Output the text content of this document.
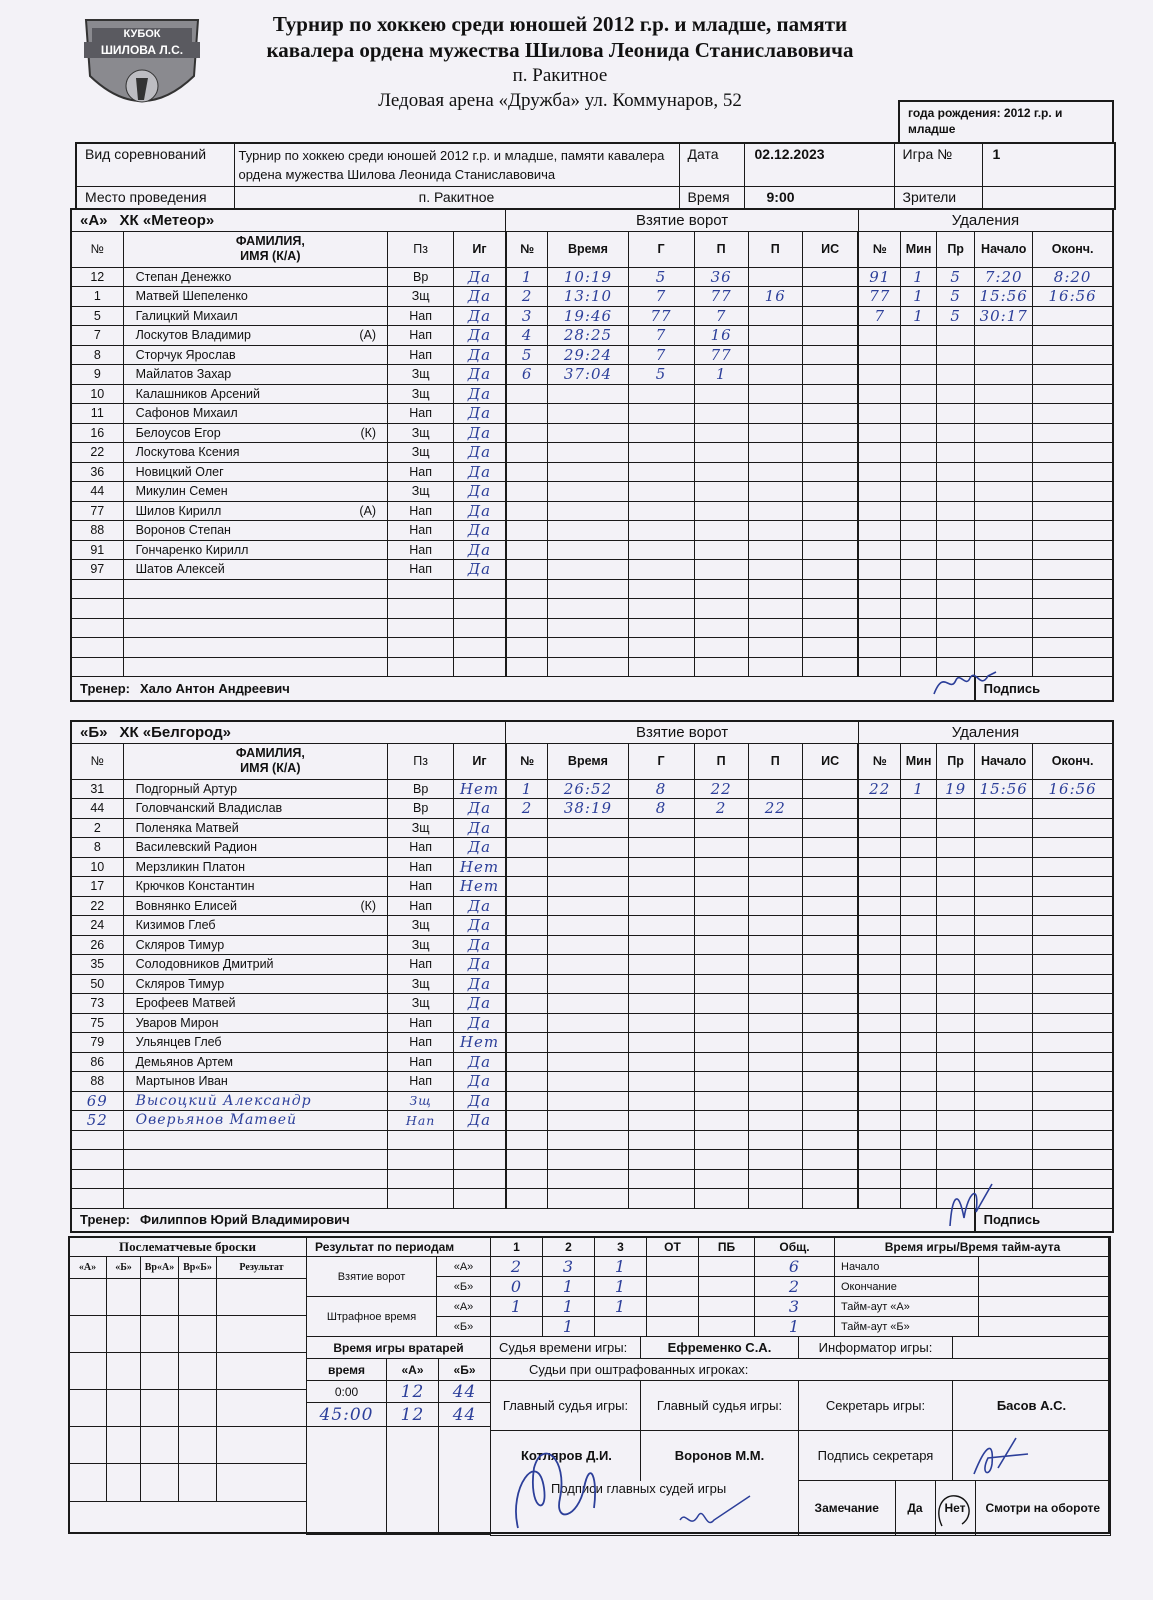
КУБОК
ШИЛОВА Л.С.
Турнир по хоккею среди юношей 2012 г.р. и младше, памяти
кавалера ордена мужества Шилова Леонида Станиславовича
п. Ракитное
Ледовая арена «Дружба» ул. Коммунаров, 52
года рождения: 2012 г.р. и младше
Вид соревнований	Турнир по хоккею среди юношей 2012 г.р. и младше, памяти кавалера ордена мужества Шилова Леонида Станиславовича	Дата	02.12.2023	Игра №	1
Место проведения	п. Ракитное	Время	9:00	Зрители	
«А» ХК «Метеор»				Взятие ворот						Удаления				
№	ФАМИЛИЯ, ИМЯ (К/А)	Пз	Иг	№	Время	Г	П	П	ИС	№	Мин	Пр	Начало	Оконч.
12	Степан Денежко	Вр	Да	1	10:19	5	36			91	1	5	7:20	8:20
1	Матвей Шепеленко	Зщ	Да	2	13:10	7	77	16		77	1	5	15:56	16:56
5	Галицкий Михаил	Нап	Да	3	19:46	77	7			7	1	5	30:17	
7	Лоскутов Владимир (А)	Нап	Да	4	28:25	7	16							
8	Сторчук Ярослав	Нап	Да	5	29:24	7	77							
9	Майлатов Захар	Зщ	Да	6	37:04	5	1							
10	Калашников Арсений	Зщ	Да											
11	Сафонов Михаил	Нап	Да											
16	Белоусов Егор (К)	Зщ	Да											
22	Лоскутова Ксения	Зщ	Да											
36	Новицкий Олег	Нап	Да											
44	Микулин Семен	Зщ	Да											
77	Шилов Кирилл (А)	Нап	Да											
88	Воронов Степан	Нап	Да											
91	Гончаренко Кирилл	Нап	Да											
97	Шатов Алексей	Нап	Да											

Тренер: Хало Антон Андреевич													Подпись	
«Б» ХК «Белгород»				Взятие ворот						Удаления				
№	ФАМИЛИЯ, ИМЯ (К/А)	Пз	Иг	№	Время	Г	П	П	ИС	№	Мин	Пр	Начало	Оконч.
31	Подгорный Артур	Вр	Нет	1	26:52	8	22			22	1	19	15:56	16:56
44	Головчанский Владислав	Вр	Да	2	38:19	8	2	22						
2	Поленяка Матвей	Зщ	Да											
8	Василевский Радион	Нап	Да											
10	Мерзликин Платон	Нап	Нет											
17	Крючков Константин	Нап	Нет											
22	Вовнянко Елисей (К)	Нап	Да											
24	Кизимов Глеб	Зщ	Да											
26	Скляров Тимур	Зщ	Да											
35	Солодовников Дмитрий	Нап	Да											
50	Скляров Тимур	Зщ	Да											
73	Ерофеев Матвей	Зщ	Да											
75	Уваров Мирон	Нап	Да											
79	Ульянцев Глеб	Нап	Нет											
86	Демьянов Артем	Нап	Да											
88	Мартынов Иван	Нап	Да											
69	Высоцкий Александр	Зщ	Да											
52	Оверьянов Матвей	Нап	Да											

Тренер: Филиппов Юрий Владимирович													Подпись	
Послематчевые броски				
«А»	«Б»	Вр«А»	Вр«Б»	Результат

Результат по периодам		1	2	3	ОТ	ПБ	Общ.
Взятие ворот	«А»	2	3	1			6
	«Б»	0	1	1			2
Штрафное время	«А»	1	1	1			3
	«Б»		1				1
Время игры/Время тайм-аута	
Начало	
Окончание	
Тайм-аут «А»	
Тайм-аут «Б»	
Время игры вратарей		
время	«А»	«Б»
0:00	12	44
45:00	12	44

Судья времени игры:	Ефременко С.А.	Информатор игры:	
Судьи при оштрафованных игроках:
Главный судья игры:	Главный судья игры:	Секретарь игры:	Басов А.С.
Котляров Д.И.	Воронов М.М.	Подпись секретаря	
Подписи главных судей игры	
Замечание	Да	Нет	Смотри на обороте
